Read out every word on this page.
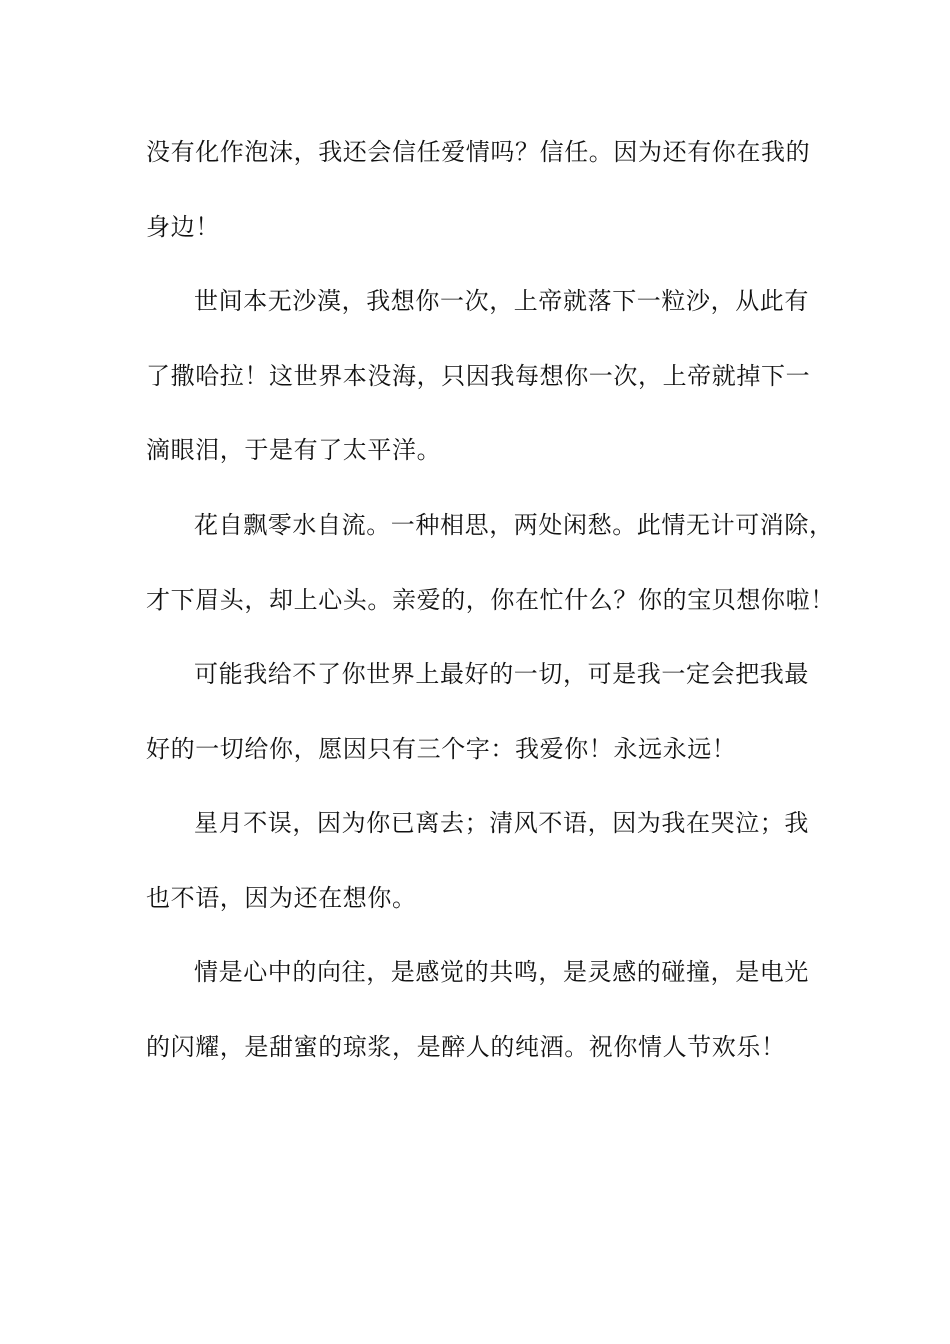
没有化作泡沫，我还会信任爱情吗？信任。因为还有你在我的
身边！
世间本无沙漠，我想你一次，上帝就落下一粒沙，从此有
了撒哈拉！这世界本没海，只因我每想你一次，上帝就掉下一
滴眼泪，于是有了太平洋。
花自飘零水自流。一种相思，两处闲愁。此情无计可消除，
才下眉头，却上心头。亲爱的，你在忙什么？你的宝贝想你啦！
可能我给不了你世界上最好的一切，可是我一定会把我最
好的一切给你，愿因只有三个字：我爱你！永远永远！
星月不误，因为你已离去；清风不语，因为我在哭泣；我
也不语，因为还在想你。
情是心中的向往，是感觉的共鸣，是灵感的碰撞，是电光
的闪耀，是甜蜜的琼浆，是醉人的纯酒。祝你情人节欢乐！
